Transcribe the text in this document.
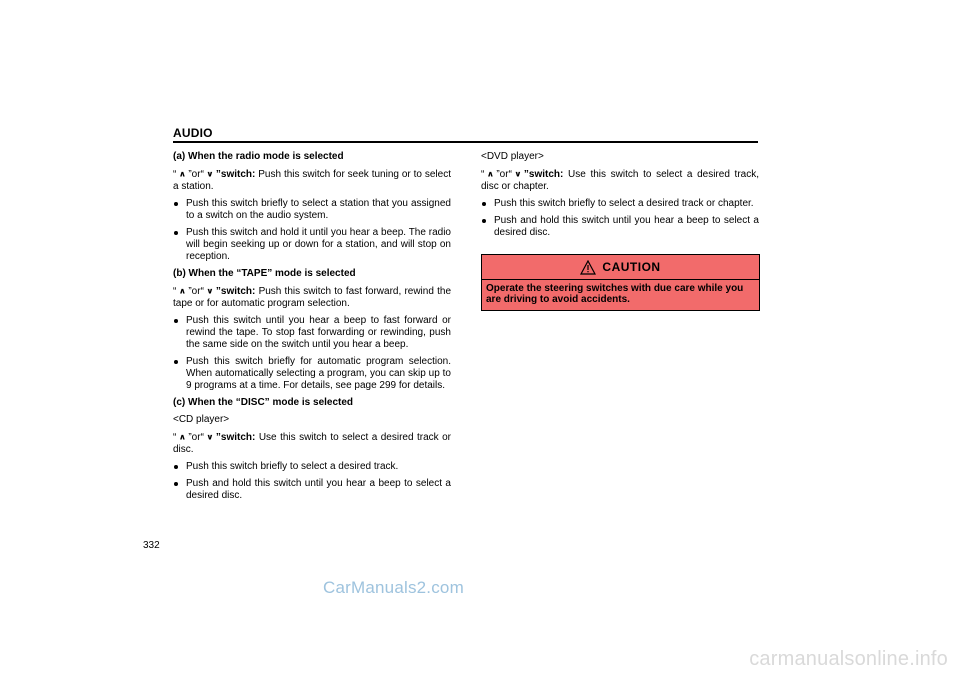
AUDIO
(a) When the radio mode is selected
“ ∧ ”or“ ∨ ”switch: Push this switch for seek tuning or to select a station.
Push this switch briefly to select a station that you assigned to a switch on the audio system.
Push this switch and hold it until you hear a beep. The radio will begin seeking up or down for a station, and will stop on reception.
(b) When the “TAPE” mode is selected
“ ∧ ”or“ ∨ ”switch: Push this switch to fast forward, rewind the tape or for automatic program selection.
Push this switch until you hear a beep to fast forward or rewind the tape. To stop fast forwarding or rewinding, push the same side on the switch until you hear a beep.
Push this switch briefly for automatic program selection. When automatically selecting a program, you can skip up to 9 programs at a time. For details, see page 299 for details.
(c) When the “DISC” mode is selected
<CD player>
“ ∧ ”or“ ∨ ”switch: Use this switch to select a desired track or disc.
Push this switch briefly to select a desired track.
Push and hold this switch until you hear a beep to select a desired disc.
<DVD player>
“ ∧ ”or“ ∨ ”switch: Use this switch to select a desired track, disc or chapter.
Push this switch briefly to select a desired track or chapter.
Push and hold this switch until you hear a beep to select a desired disc.
CAUTION
Operate the steering switches with due care while you are driving to avoid accidents.
332
CarManuals2.com
carmanualsonline.info
